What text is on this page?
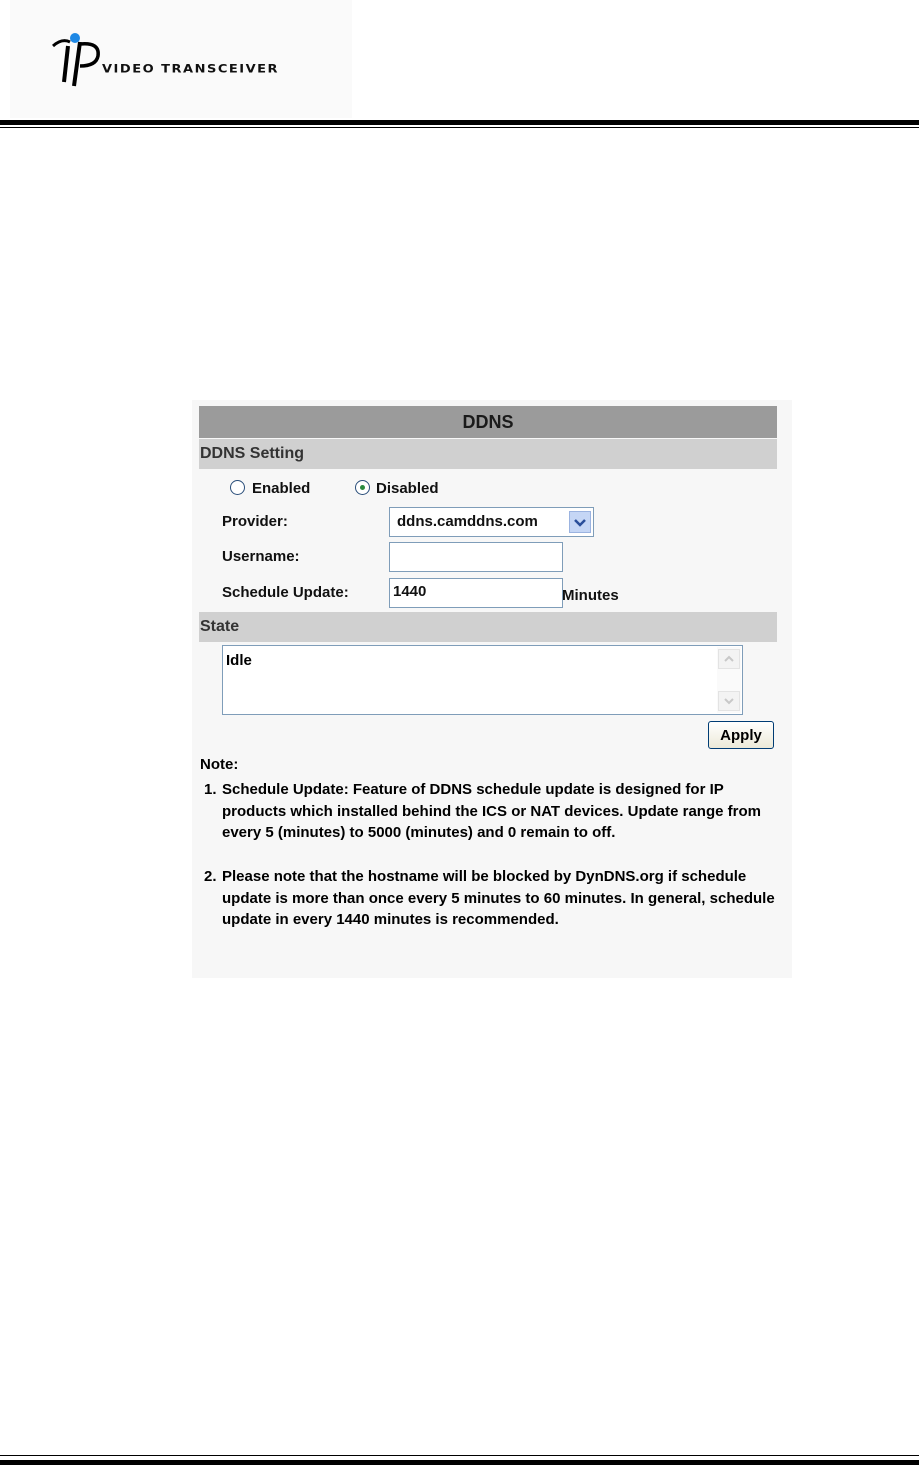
VIDEO TRANSCEIVER
DDNS
DDNS Setting
Enabled	Disabled
Provider:	ddns.camddns.com
Username:
Schedule Update:	1440	Minutes
State
Idle
Apply
Note:
1. Schedule Update: Feature of DDNS schedule update is designed for IP products which installed behind the ICS or NAT devices. Update range from every 5 (minutes) to 5000 (minutes) and 0 remain to off.
2. Please note that the hostname will be blocked by DynDNS.org if schedule update is more than once every 5 minutes to 60 minutes. In general, schedule update in every 1440 minutes is recommended.
